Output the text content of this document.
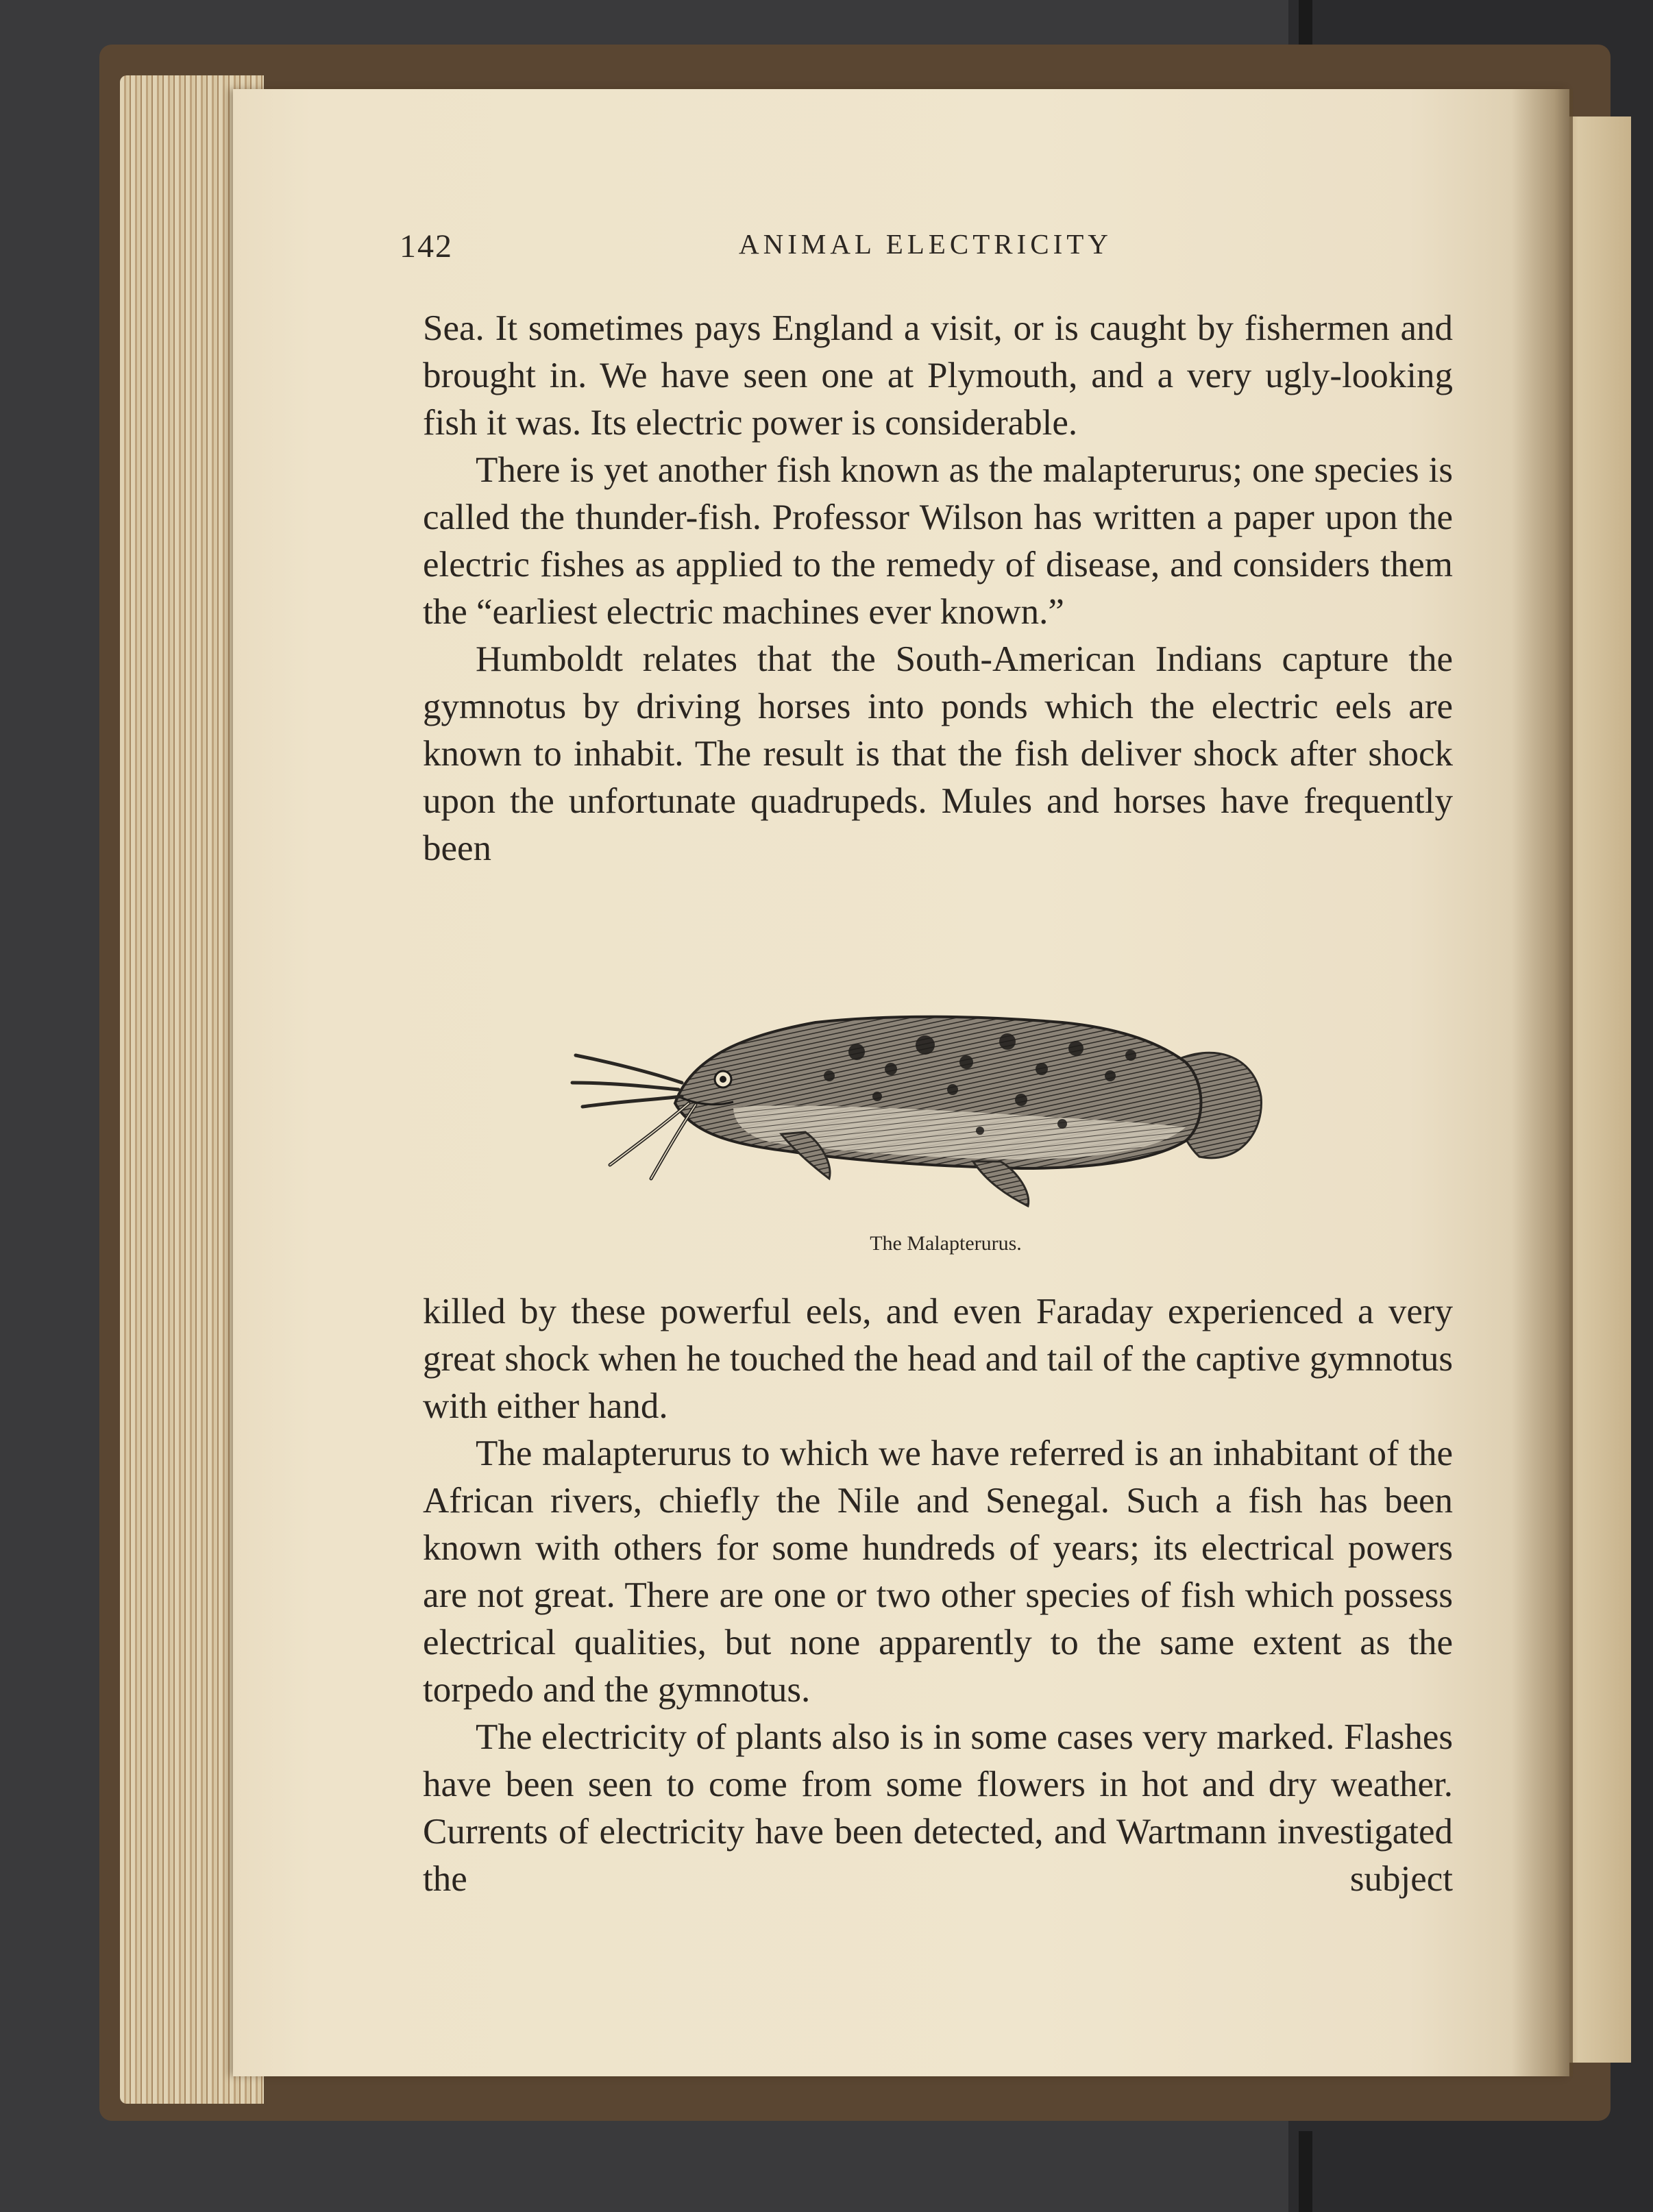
142	ANIMAL ELECTRICITY

Sea. It sometimes pays England a visit, or is caught by fishermen and brought in. We have seen one at Plymouth, and a very ugly-looking fish it was. Its electric power is considerable.

There is yet another fish known as the malapterurus; one species is called the thunder-fish. Professor Wilson has written a paper upon the electric fishes as applied to the remedy of disease, and considers them the “earliest electric machines ever known.”

Humboldt relates that the South-American Indians capture the gymnotus by driving horses into ponds which the electric eels are known to inhabit. The result is that the fish deliver shock after shock upon the unfortunate quadrupeds. Mules and horses have frequently been

The Malapterurus.

killed by these powerful eels, and even Faraday experienced a very great shock when he touched the head and tail of the captive gymnotus with either hand.

The malapterurus to which we have referred is an inhabitant of the African rivers, chiefly the Nile and Senegal. Such a fish has been known with others for some hundreds of years; its electrical powers are not great. There are one or two other species of fish which possess electrical qualities, but none apparently to the same extent as the torpedo and the gymnotus.

The electricity of plants also is in some cases very marked. Flashes have been seen to come from some flowers in hot and dry weather. Currents of electricity have been detected, and Wartmann investigated the subject
